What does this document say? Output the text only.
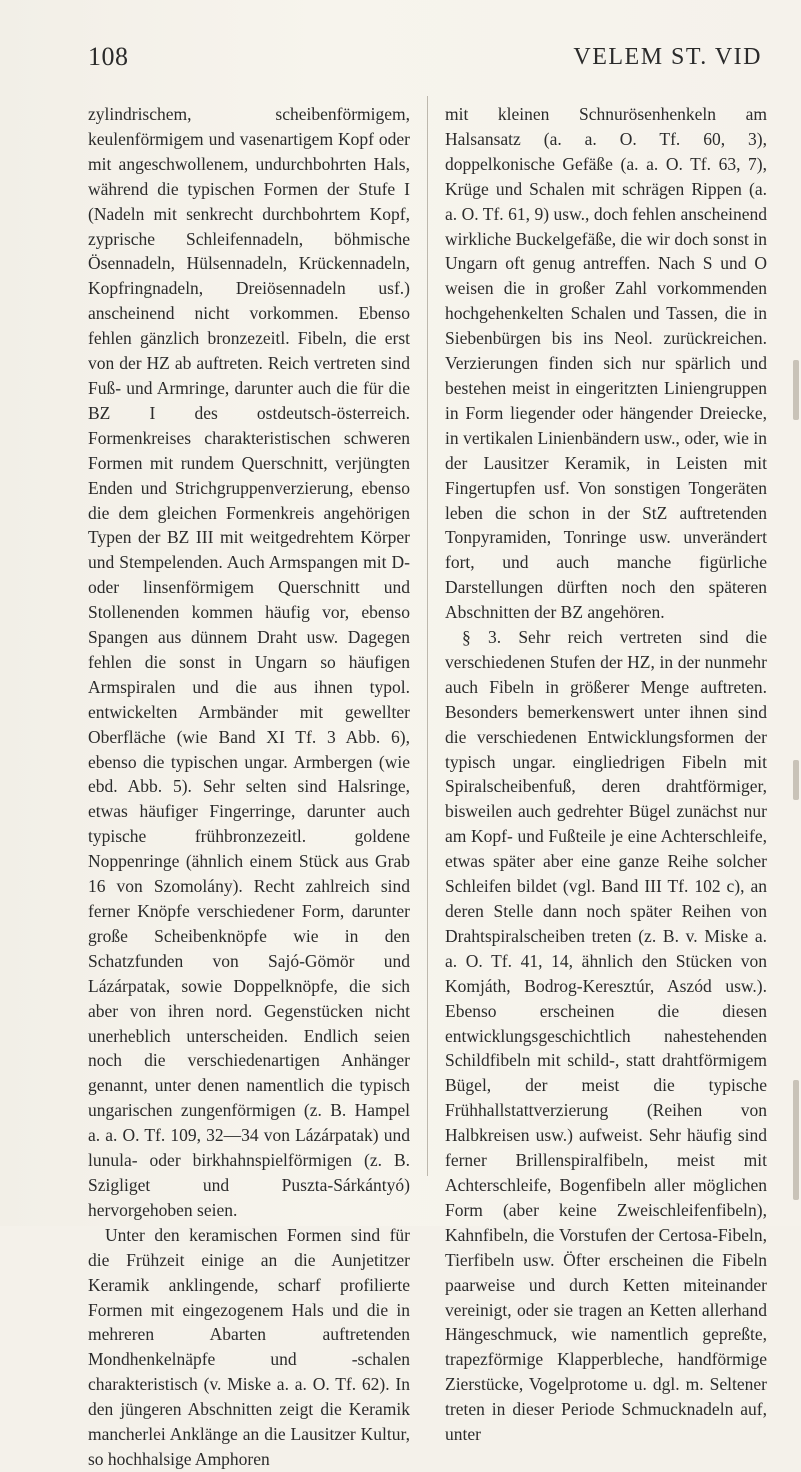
108	VELEM ST. VID

zylindrischem, scheibenförmigem, keulenförmigem und vasenartigem Kopf oder mit angeschwollenem, undurchbohrten Hals, während die typischen Formen der Stufe I (Nadeln mit senkrecht durchbohrtem Kopf, zyprische Schleifennadeln, böhmische Ösennadeln, Hülsennadeln, Krückennadeln, Kopfringnadeln, Dreiösennadeln usf.) anscheinend nicht vorkommen. Ebenso fehlen gänzlich bronzezeitl. Fibeln, die erst von der HZ ab auftreten. Reich vertreten sind Fuß- und Armringe, darunter auch die für die BZ I des ostdeutsch-österreich. Formenkreises charakteristischen schweren Formen mit rundem Querschnitt, verjüngten Enden und Strichgruppenverzierung, ebenso die dem gleichen Formenkreis angehörigen Typen der BZ III mit weitgedrehtem Körper und Stempelenden. Auch Armspangen mit D- oder linsenförmigem Querschnitt und Stollenenden kommen häufig vor, ebenso Spangen aus dünnem Draht usw. Dagegen fehlen die sonst in Ungarn so häufigen Armspiralen und die aus ihnen typol. entwickelten Armbänder mit gewellter Oberfläche (wie Band XI Tf. 3 Abb. 6), ebenso die typischen ungar. Armbergen (wie ebd. Abb. 5). Sehr selten sind Halsringe, etwas häufiger Fingerringe, darunter auch typische frühbronzezeitl. goldene Noppenringe (ähnlich einem Stück aus Grab 16 von Szomolány). Recht zahlreich sind ferner Knöpfe verschiedener Form, darunter große Scheibenknöpfe wie in den Schatzfunden von Sajó-Gömör und Lázárpatak, sowie Doppelknöpfe, die sich aber von ihren nord. Gegenstücken nicht unerheblich unterscheiden. Endlich seien noch die verschiedenartigen Anhänger genannt, unter denen namentlich die typisch ungarischen zungenförmigen (z. B. Hampel a. a. O. Tf. 109, 32—34 von Lázárpatak) und lunula- oder birkhahnspielförmigen (z. B. Szigliget und Puszta-Sárkántyó) hervorgehoben seien.

Unter den keramischen Formen sind für die Frühzeit einige an die Aunjetitzer Keramik anklingende, scharf profilierte Formen mit eingezogenem Hals und die in mehreren Abarten auftretenden Mondhenkelnäpfe und -schalen charakteristisch (v. Miske a. a. O. Tf. 62). In den jüngeren Abschnitten zeigt die Keramik mancherlei Anklänge an die Lausitzer Kultur, so hochhalsige Amphoren

mit kleinen Schnurösenhenkeln am Halsansatz (a. a. O. Tf. 60, 3), doppelkonische Gefäße (a. a. O. Tf. 63, 7), Krüge und Schalen mit schrägen Rippen (a. a. O. Tf. 61, 9) usw., doch fehlen anscheinend wirkliche Buckelgefäße, die wir doch sonst in Ungarn oft genug antreffen. Nach S und O weisen die in großer Zahl vorkommenden hochgehenkelten Schalen und Tassen, die in Siebenbürgen bis ins Neol. zurückreichen. Verzierungen finden sich nur spärlich und bestehen meist in eingeritzten Liniengruppen in Form liegender oder hängender Dreiecke, in vertikalen Linienbändern usw., oder, wie in der Lausitzer Keramik, in Leisten mit Fingertupfen usf. Von sonstigen Tongeräten leben die schon in der StZ auftretenden Tonpyramiden, Tonringe usw. unverändert fort, und auch manche figürliche Darstellungen dürften noch den späteren Abschnitten der BZ angehören.

§ 3. Sehr reich vertreten sind die verschiedenen Stufen der HZ, in der nunmehr auch Fibeln in größerer Menge auftreten. Besonders bemerkenswert unter ihnen sind die verschiedenen Entwicklungsformen der typisch ungar. eingliedrigen Fibeln mit Spiralscheibenfuß, deren drahtförmiger, bisweilen auch gedrehter Bügel zunächst nur am Kopf- und Fußteile je eine Achterschleife, etwas später aber eine ganze Reihe solcher Schleifen bildet (vgl. Band III Tf. 102 c), an deren Stelle dann noch später Reihen von Drahtspiralscheiben treten (z. B. v. Miske a. a. O. Tf. 41, 14, ähnlich den Stücken von Komjáth, Bodrog-Keresztúr, Aszód usw.). Ebenso erscheinen die diesen entwicklungsgeschichtlich nahestehenden Schildfibeln mit schild-, statt drahtförmigem Bügel, der meist die typische Frühhallstattverzierung (Reihen von Halbkreisen usw.) aufweist. Sehr häufig sind ferner Brillenspiralfibeln, meist mit Achterschleife, Bogenfibeln aller möglichen Form (aber keine Zweischleifenfibeln), Kahnfibeln, die Vorstufen der Certosa-Fibeln, Tierfibeln usw. Öfter erscheinen die Fibeln paarweise und durch Ketten miteinander vereinigt, oder sie tragen an Ketten allerhand Hängeschmuck, wie namentlich gepreßte, trapezförmige Klapperbleche, handförmige Zierstücke, Vogelprotome u. dgl. m. Seltener treten in dieser Periode Schmucknadeln auf, unter
